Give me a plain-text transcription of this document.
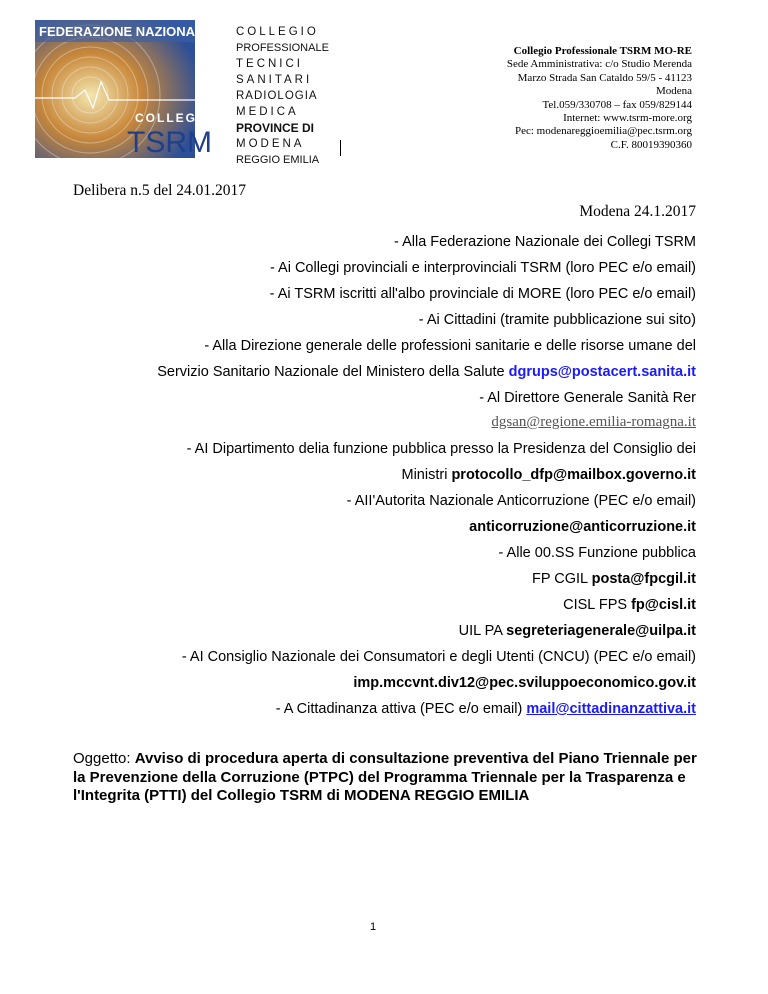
FEDERAZIONE NAZIONALE
COLLEGI
TSRM
COLLEGIO
PROFESSIONALE
TECNICI
SANITARI
RADIOLOGIA
MEDICA
PROVINCE DI
MODENA
REGGIO EMILIA
Collegio Professionale TSRM MO-RE
Sede Amministrativa: c/o Studio Merenda
Marzo Strada San Cataldo 59/5 - 41123
Modena
Tel.059/330708 – fax 059/829144
Internet: www.tsrm-more.org
Pec: modenareggioemilia@pec.tsrm.org
C.F. 80019390360
Delibera n.5 del 24.01.2017
Modena 24.1.2017
- Alla Federazione Nazionale dei Collegi TSRM
- Ai Collegi provinciali e interprovinciali TSRM (loro PEC e/o email)
- Ai TSRM iscritti all'albo provinciale di MORE (loro PEC e/o email)
- Ai Cittadini (tramite pubblicazione sui sito)
- Alla Direzione generale delle professioni sanitarie e delle risorse umane del
Servizio Sanitario Nazionale del Ministero della Salute dgrups@postacert.sanita.it
- Al Direttore Generale Sanità Rer
dgsan@regione.emilia-romagna.it
- AI Dipartimento delia funzione pubblica presso la Presidenza del Consiglio dei
Ministri protocollo_dfp@mailbox.governo.it
- AII'Autorita Nazionale Anticorruzione (PEC e/o email)
anticorruzione@anticorruzione.it
- Alle 00.SS Funzione pubblica
FP CGIL posta@fpcgil.it
CISL FPS fp@cisl.it
UIL PA segreteriagenerale@uilpa.it
- AI Consiglio Nazionale dei Consumatori e degli Utenti (CNCU) (PEC e/o email)
imp.mccvnt.div12@pec.sviluppoeconomico.gov.it
- A Cittadinanza attiva (PEC e/o email) mail@cittadinanzattiva.it
Oggetto: Avviso di procedura aperta di consultazione preventiva del Piano Triennale per la Prevenzione della Corruzione (PTPC) del Programma Triennale per la Trasparenza e l'Integrita (PTTI) del Collegio TSRM di MODENA REGGIO EMILIA
1
